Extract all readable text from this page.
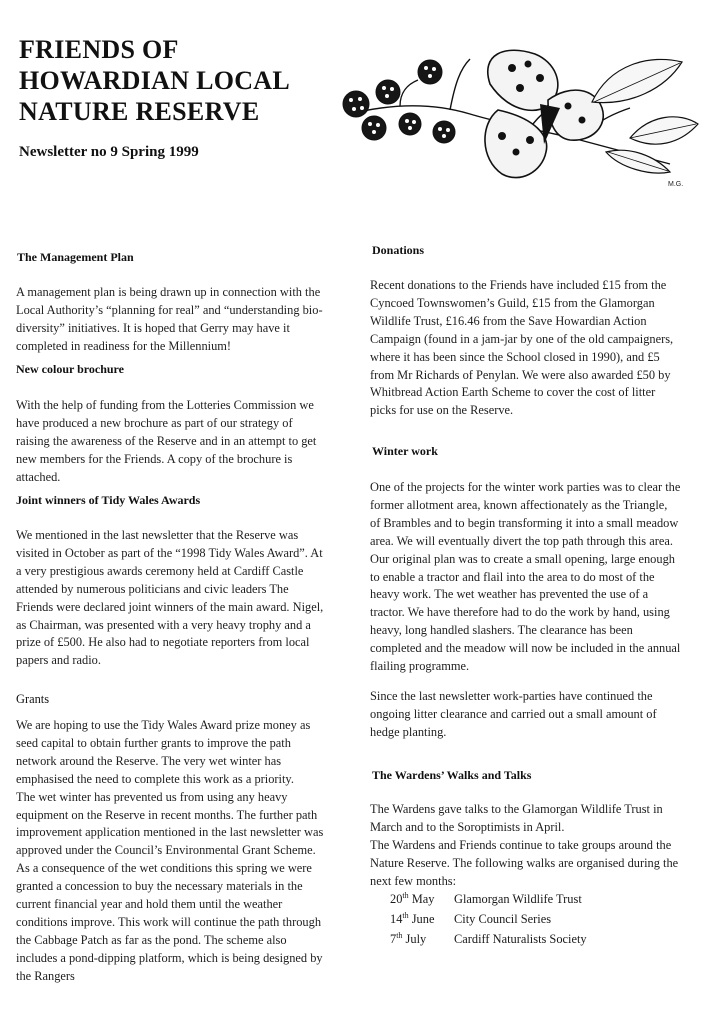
FRIENDS OF
HOWARDIAN LOCAL
NATURE RESERVE
Newsletter no 9 Spring 1999
M.G.
The Management Plan
A management plan is being drawn up in connection with the
Local Authority’s “planning for real” and “understanding bio-
diversity” initiatives. It is hoped that Gerry may have it
completed in readiness for the Millennium!
New colour brochure
With the help of funding from the Lotteries Commission we
have produced a new brochure as part of our strategy of
raising the awareness of the Reserve and in an attempt to get
new members for the Friends. A copy of the brochure is
attached.
Joint winners of Tidy Wales Awards
We mentioned in the last newsletter that the Reserve was
visited in October as part of the “1998 Tidy Wales Award”. At
a very prestigious awards ceremony held at Cardiff Castle
attended by numerous politicians and civic leaders The
Friends were declared joint winners of the main award. Nigel,
as Chairman, was presented with a very heavy trophy and a
prize of £500. He also had to negotiate reporters from local
papers and radio.
Grants
We are hoping to use the Tidy Wales Award prize money as
seed capital to obtain further grants to improve the path
network around the Reserve. The very wet winter has
emphasised the need to complete this work as a priority.
The wet winter has prevented us from using any heavy
equipment on the Reserve in recent months. The further path
improvement application mentioned in the last newsletter was
approved under the Council’s Environmental Grant Scheme.
As a consequence of the wet conditions this spring we were
granted a concession to buy the necessary materials in the
current financial year and hold them until the weather
conditions improve. This work will continue the path through
the Cabbage Patch as far as the pond. The scheme also
includes a pond-dipping platform, which is being designed by
the Rangers
Donations
Recent donations to the Friends have included £15 from the
Cyncoed Townswomen’s Guild, £15 from the Glamorgan
Wildlife Trust, £16.46 from the Save Howardian Action
Campaign (found in a jam-jar by one of the old campaigners,
where it has been since the School closed in 1990), and £5
from Mr Richards of Penylan. We were also awarded £50 by
Whitbread Action Earth Scheme to cover the cost of litter
picks for use on the Reserve.
Winter work
One of the projects for the winter work parties was to clear the
former allotment area, known affectionately as the Triangle,
of Brambles and to begin transforming it into a small meadow
area. We will eventually divert the top path through this area.
Our original plan was to create a small opening, large enough
to enable a tractor and flail into the area to do most of the
heavy work. The wet weather has prevented the use of a
tractor. We have therefore had to do the work by hand, using
heavy, long handled slashers. The clearance has been
completed and the meadow will now be included in the annual
flailing programme.
Since the last newsletter work-parties have continued the
ongoing litter clearance and carried out a small amount of
hedge planting.
The Wardens’ Walks and Talks
The Wardens gave talks to the Glamorgan Wildlife Trust in
March and to the Soroptimists in April.
The Wardens and Friends continue to take groups around the
Nature Reserve. The following walks are organised during the
next few months:
20th May	Glamorgan Wildlife Trust
14th June	City Council Series
7th July	Cardiff Naturalists Society
